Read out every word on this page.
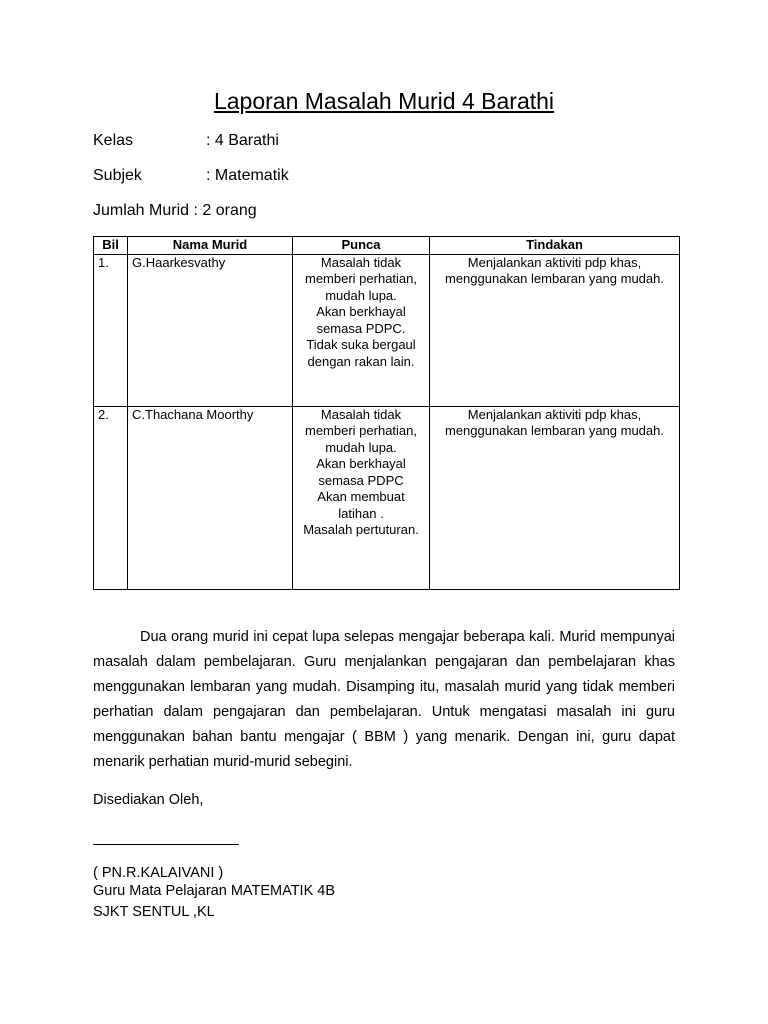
Laporan Masalah Murid 4 Barathi
Kelas	: 4 Barathi
Subjek	: Matematik
Jumlah Murid : 2 orang
Bil	Nama Murid	Punca	Tindakan
1.	G.Haarkesvathy	Masalah tidak memberi perhatian, mudah lupa.
Akan berkhayal semasa PDPC.
Tidak suka bergaul dengan rakan lain.	Menjalankan aktiviti pdp khas, menggunakan lembaran yang mudah.

2.	C.Thachana Moorthy	Masalah tidak memberi perhatian, mudah lupa.
Akan berkhayal semasa PDPC
Akan membuat latihan .
Masalah pertuturan.	Menjalankan aktiviti pdp khas, menggunakan lembaran yang mudah.
Dua orang murid ini cepat lupa selepas mengajar beberapa kali. Murid mempunyai masalah dalam pembelajaran. Guru menjalankan pengajaran dan pembelajaran khas menggunakan lembaran yang mudah. Disamping itu, masalah murid yang tidak memberi perhatian dalam pengajaran dan pembelajaran. Untuk mengatasi masalah ini guru menggunakan bahan bantu mengajar ( BBM ) yang menarik. Dengan ini, guru dapat menarik perhatian murid-murid sebegini.
Disediakan Oleh,
( PN.R.KALAIVANI )
Guru Mata Pelajaran MATEMATIK 4B
SJKT SENTUL ,KL
